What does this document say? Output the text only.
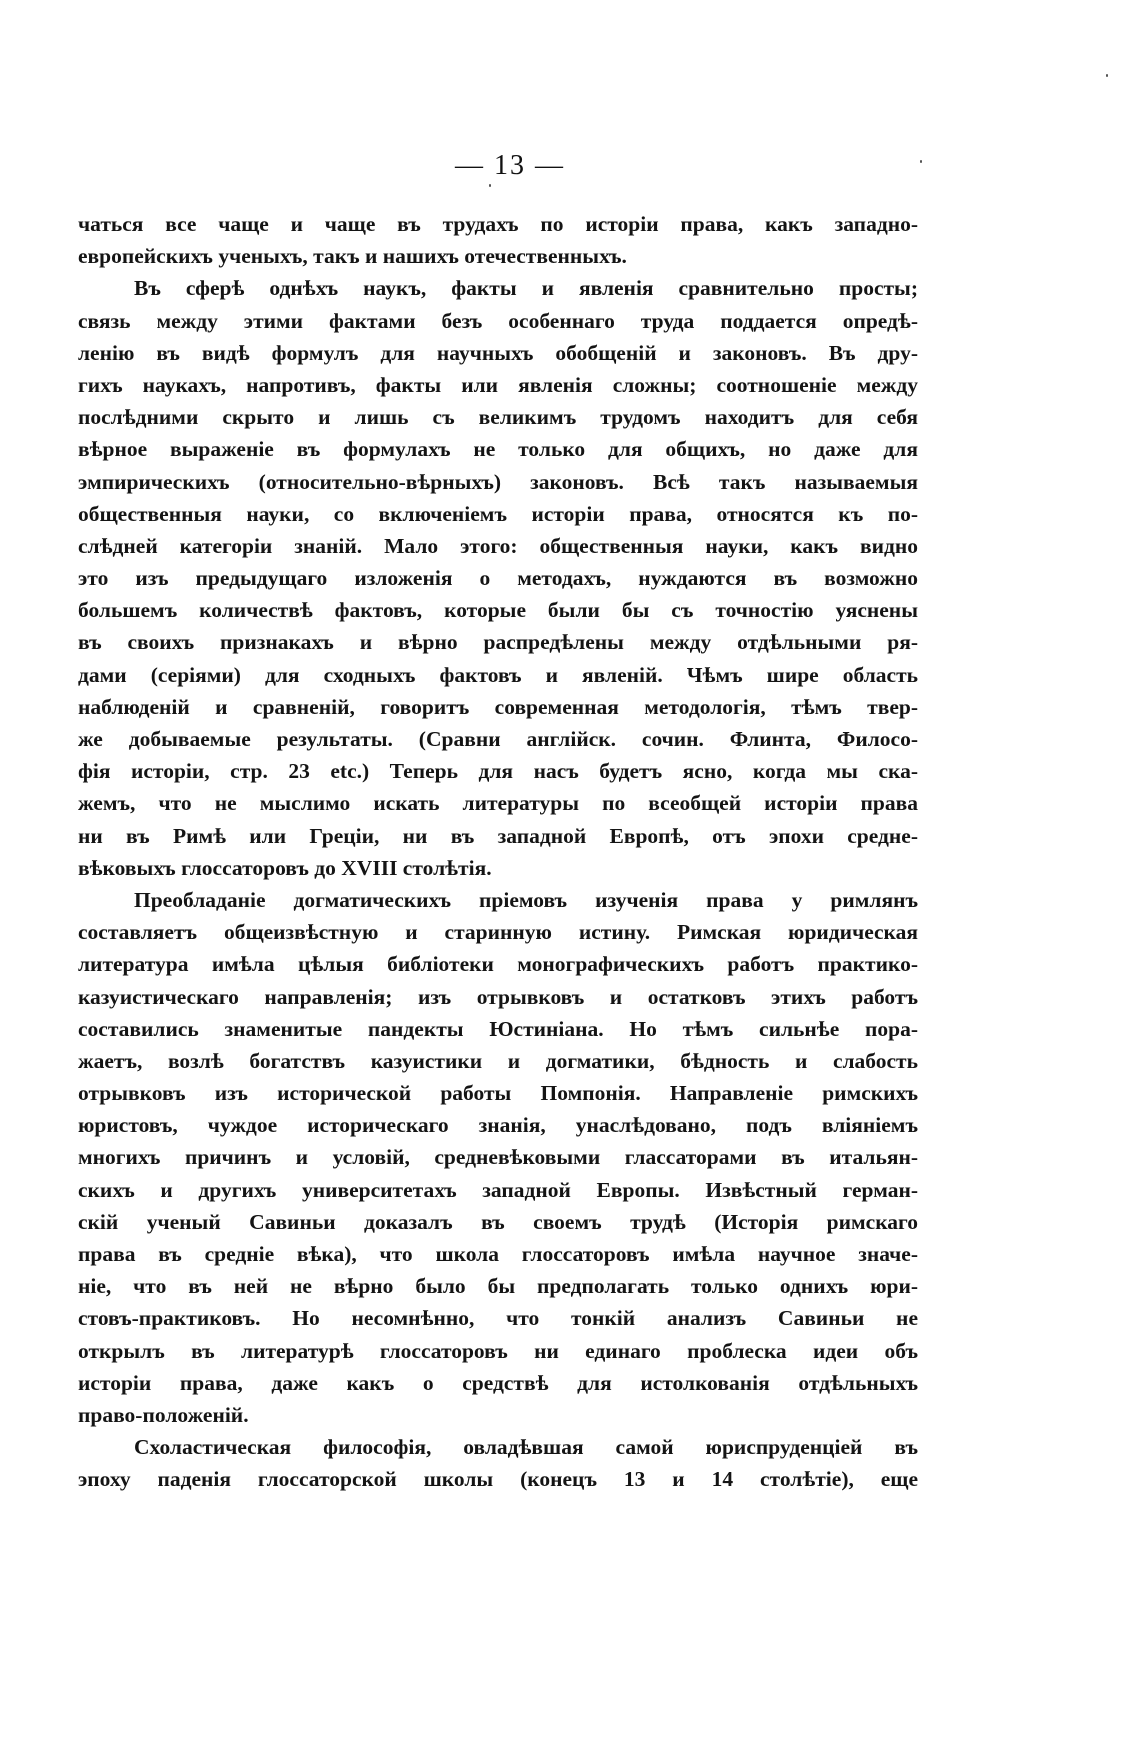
— 13 —
чаться все чаще и чаще въ трудахъ по исторіи права, какъ западно-
европейскихъ ученыхъ, такъ и нашихъ отечественныхъ.
Въ сферѣ однѣхъ наукъ, факты и явленія сравнительно просты;
связь между этими фактами безъ особеннаго труда поддается опредѣ-
ленію въ видѣ формулъ для научныхъ обобщеній и законовъ. Въ дру-
гихъ наукахъ, напротивъ, факты или явленія сложны; соотношеніе между
послѣдними скрыто и лишь съ великимъ трудомъ находитъ для себя
вѣрное выраженіе въ формулахъ не только для общихъ, но даже для
эмпирическихъ (относительно-вѣрныхъ) законовъ. Всѣ такъ называемыя
общественныя науки, со включеніемъ исторіи права, относятся къ по-
слѣдней категоріи знаній. Мало этого: общественныя науки, какъ видно
это изъ предыдущаго изложенія о методахъ, нуждаются въ возможно
большемъ количествѣ фактовъ, которые были бы съ точностію уяснены
въ своихъ признакахъ и вѣрно распредѣлены между отдѣльными ря-
дами (серіями) для сходныхъ фактовъ и явленій. Чѣмъ шире область
наблюденій и сравненій, говоритъ современная методологія, тѣмъ твер-
же добываемые результаты. (Сравни англійск. сочин. Флинта, Филосо-
фія исторіи, стр. 23 etc.) Теперь для насъ будетъ ясно, когда мы ска-
жемъ, что не мыслимо искать литературы по всеобщей исторіи права
ни въ Римѣ или Греціи, ни въ западной Европѣ, отъ эпохи средне-
вѣковыхъ глоссаторовъ до XVIII столѣтія.
Преобладаніе догматическихъ пріемовъ изученія права у римлянъ
составляетъ общеизвѣстную и старинную истину. Римская юридическая
литература имѣла цѣлыя библіотеки монографическихъ работъ практико-
казуистическаго направленія; изъ отрывковъ и остатковъ этихъ работъ
составились знаменитые пандекты Юстиніана. Но тѣмъ сильнѣе пора-
жаетъ, возлѣ богатствъ казуистики и догматики, бѣдность и слабость
отрывковъ изъ исторической работы Помпонія. Направленіе римскихъ
юристовъ, чуждое историческаго знанія, унаслѣдовано, подъ вліяніемъ
многихъ причинъ и условій, средневѣковыми глассаторами въ итальян-
скихъ и другихъ университетахъ западной Европы. Извѣстный герман-
скій ученый Савиньи доказалъ въ своемъ трудѣ (Исторія римскаго
права въ средніе вѣка), что школа глоссаторовъ имѣла научное значе-
ніе, что въ ней не вѣрно было бы предполагать только однихъ юри-
стовъ-практиковъ. Но несомнѣнно, что тонкій анализъ Савиньи не
открылъ въ литературѣ глоссаторовъ ни единаго проблеска идеи объ
исторіи права, даже какъ о средствѣ для истолкованія отдѣльныхъ
право-положеній.
Схоластическая философія, овладѣвшая самой юриспруденціей въ
эпоху паденія глоссаторской школы (конецъ 13 и 14 столѣтіе), еще
